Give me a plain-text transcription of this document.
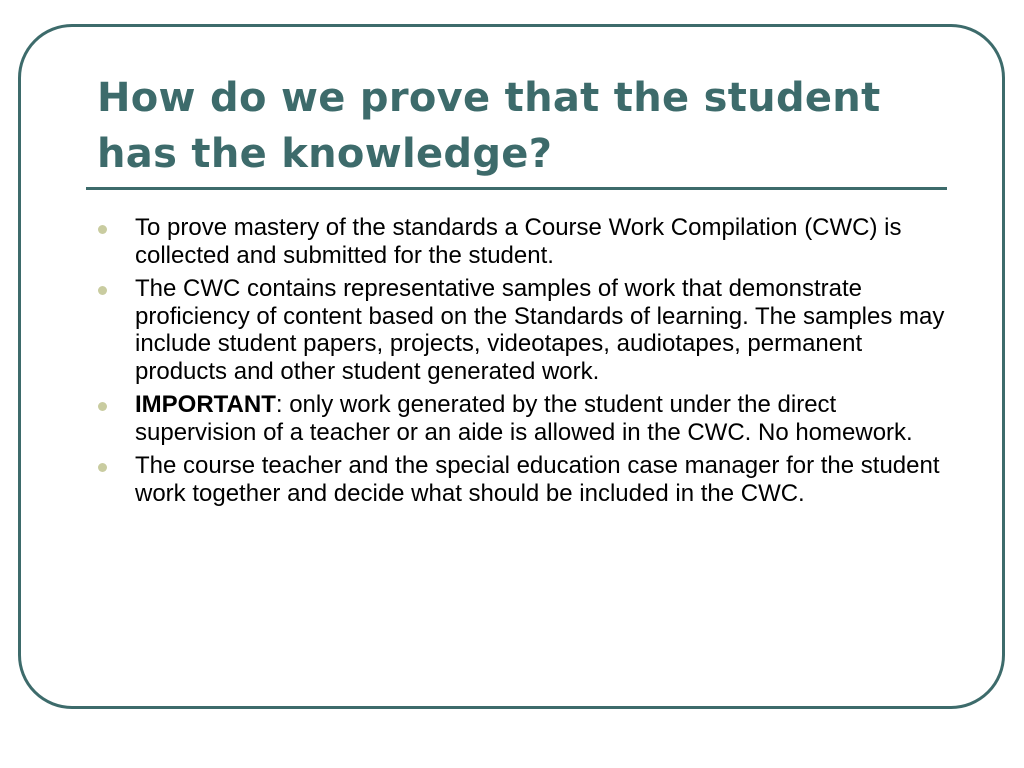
How do we prove that the student has the knowledge?
To prove mastery of the standards a Course Work Compilation (CWC) is collected and submitted for the student.
The CWC contains representative samples of work that demonstrate proficiency of content based on the Standards of learning. The samples may include student papers, projects, videotapes, audiotapes, permanent products and other student generated work.
IMPORTANT: only work generated by the student under the direct supervision of a teacher or an aide is allowed in the CWC. No homework.
The course teacher and the special education case manager for the student work together and decide what should be included in the CWC.
